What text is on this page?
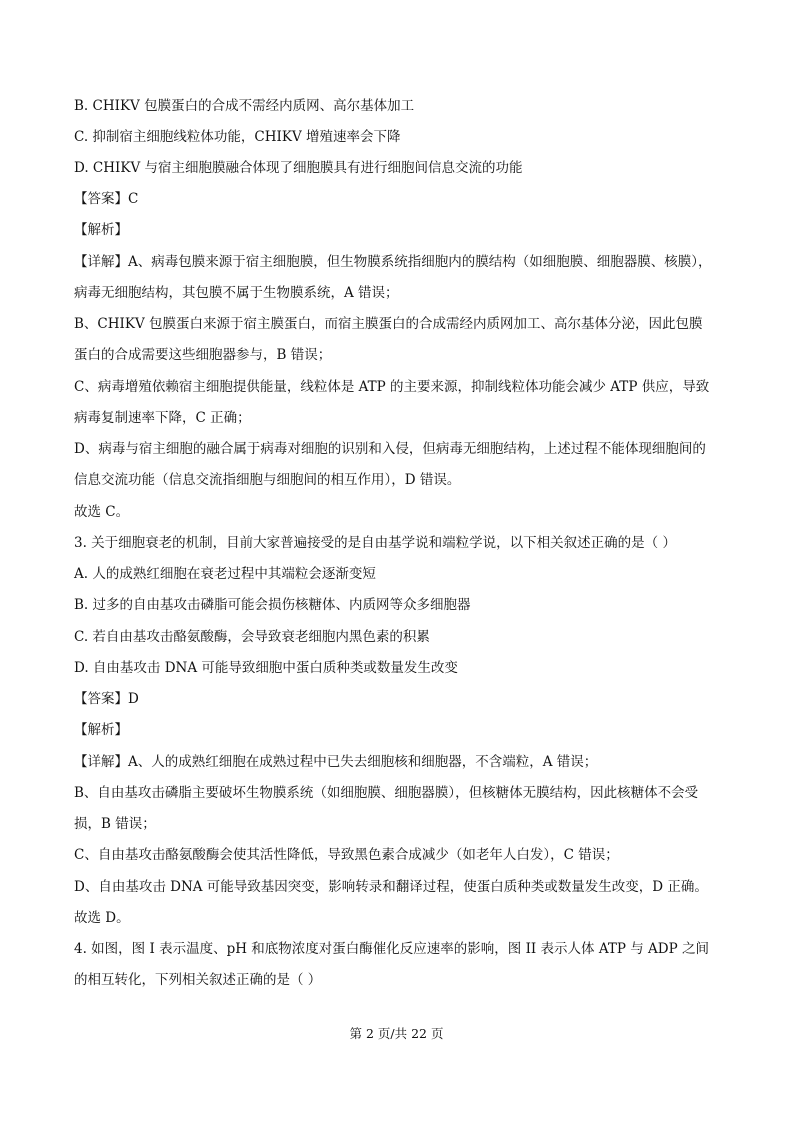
B. CHIKV 包膜蛋白的合成不需经内质网、高尔基体加工
C. 抑制宿主细胞线粒体功能，CHIKV 增殖速率会下降
D. CHIKV 与宿主细胞膜融合体现了细胞膜具有进行细胞间信息交流的功能
【答案】C
【解析】
【详解】A、病毒包膜来源于宿主细胞膜，但生物膜系统指细胞内的膜结构（如细胞膜、细胞器膜、核膜），
病毒无细胞结构，其包膜不属于生物膜系统，A 错误；
B、CHIKV 包膜蛋白来源于宿主膜蛋白，而宿主膜蛋白的合成需经内质网加工、高尔基体分泌，因此包膜
蛋白的合成需要这些细胞器参与，B 错误；
C、病毒增殖依赖宿主细胞提供能量，线粒体是 ATP 的主要来源，抑制线粒体功能会减少 ATP 供应，导致
病毒复制速率下降，C 正确；
D、病毒与宿主细胞的融合属于病毒对细胞的识别和入侵，但病毒无细胞结构，上述过程不能体现细胞间的
信息交流功能（信息交流指细胞与细胞间的相互作用），D 错误。
故选 C。
3. 关于细胞衰老的机制，目前大家普遍接受的是自由基学说和端粒学说，以下相关叙述正确的是（ ）
A. 人的成熟红细胞在衰老过程中其端粒会逐渐变短
B. 过多的自由基攻击磷脂可能会损伤核糖体、内质网等众多细胞器
C. 若自由基攻击酪氨酸酶，会导致衰老细胞内黑色素的积累
D. 自由基攻击 DNA 可能导致细胞中蛋白质种类或数量发生改变
【答案】D
【解析】
【详解】A、人的成熟红细胞在成熟过程中已失去细胞核和细胞器，不含端粒，A 错误；
B、自由基攻击磷脂主要破坏生物膜系统（如细胞膜、细胞器膜），但核糖体无膜结构，因此核糖体不会受
损，B 错误；
C、自由基攻击酪氨酸酶会使其活性降低，导致黑色素合成减少（如老年人白发），C 错误；
D、自由基攻击 DNA 可能导致基因突变，影响转录和翻译过程，使蛋白质种类或数量发生改变，D 正确。
故选 D。
4. 如图，图 I 表示温度、pH 和底物浓度对蛋白酶催化反应速率的影响，图 II 表示人体 ATP 与 ADP 之间
的相互转化，下列相关叙述正确的是（ ）
第 2 页/共 22 页
